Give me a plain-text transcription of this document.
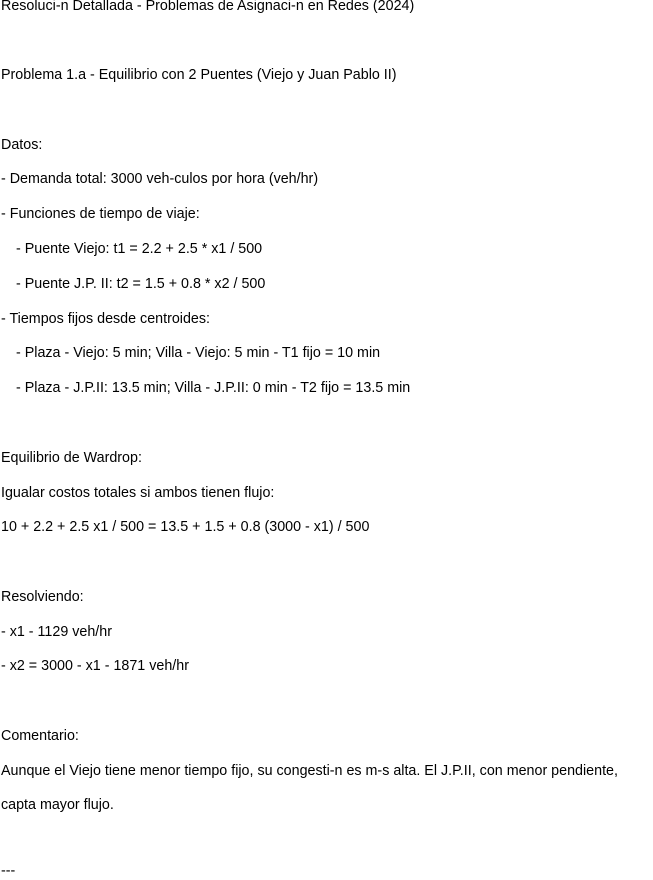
Resoluci-n Detallada - Problemas de Asignaci-n en Redes (2024)
Problema 1.a - Equilibrio con 2 Puentes (Viejo y Juan Pablo II)
Datos:
- Demanda total: 3000 veh-culos por hora (veh/hr)
- Funciones de tiempo de viaje:
- Puente Viejo: t1 = 2.2 + 2.5 * x1 / 500
- Puente J.P. II: t2 = 1.5 + 0.8 * x2 / 500
- Tiempos fijos desde centroides:
- Plaza - Viejo: 5 min; Villa - Viejo: 5 min - T1 fijo = 10 min
- Plaza - J.P.II: 13.5 min; Villa - J.P.II: 0 min - T2 fijo = 13.5 min
Equilibrio de Wardrop:
Igualar costos totales si ambos tienen flujo:
10 + 2.2 + 2.5 x1 / 500 = 13.5 + 1.5 + 0.8 (3000 - x1) / 500
Resolviendo:
- x1 - 1129 veh/hr
- x2 = 3000 - x1 - 1871 veh/hr
Comentario:
Aunque el Viejo tiene menor tiempo fijo, su congesti-n es m-s alta. El J.P.II, con menor pendiente,
capta mayor flujo.
---
